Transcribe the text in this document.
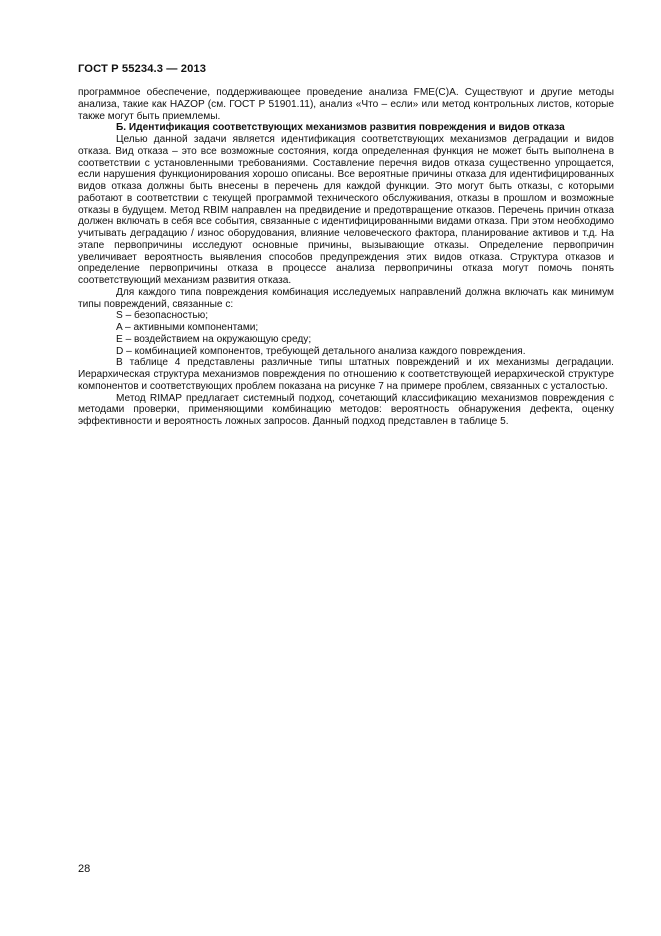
ГОСТ Р 55234.3 — 2013

программное обеспечение, поддерживающее проведение анализа FME(C)A. Существуют и другие методы анализа, такие как HAZOP (см. ГОСТ Р 51901.11), анализ «Что – если» или метод контрольных листов, которые также могут быть приемлемы.

Б. Идентификация соответствующих механизмов развития повреждения и видов отказа

Целью данной задачи является идентификация соответствующих механизмов деградации и видов отказа. Вид отказа – это все возможные состояния, когда определенная функция не может быть выполнена в соответствии с установленными требованиями. Составление перечня видов отказа существенно упрощается, если нарушения функционирования хорошо описаны. Все вероятные причины отказа для идентифицированных видов отказа должны быть внесены в перечень для каждой функции. Это могут быть отказы, с которыми работают в соответствии с текущей программой технического обслуживания, отказы в прошлом и возможные отказы в будущем. Метод RBIM направлен на предвидение и предотвращение отказов. Перечень причин отказа должен включать в себя все события, связанные с идентифицированными видами отказа. При этом необходимо учитывать деградацию / износ оборудования, влияние человеческого фактора, планирование активов и т.д. На этапе первопричины исследуют основные причины, вызывающие отказы. Определение первопричин увеличивает вероятность выявления способов предупреждения этих видов отказа. Структура отказов и определение первопричины отказа в процессе анализа первопричины отказа могут помочь понять соответствующий механизм развития отказа.

Для каждого типа повреждения комбинация исследуемых направлений должна включать как минимум типы повреждений, связанные с:

S – безопасностью;

A – активными компонентами;

E – воздействием на окружающую среду;

D – комбинацией компонентов, требующей детального анализа каждого повреждения.

В таблице 4 представлены различные типы штатных повреждений и их механизмы деградации. Иерархическая структура механизмов повреждения по отношению к соответствующей иерархической структуре компонентов и соответствующих проблем показана на рисунке 7 на примере проблем, связанных с усталостью.

Метод RIMAP предлагает системный подход, сочетающий классификацию механизмов повреждения с методами проверки, применяющими комбинацию методов: вероятность обнаружения дефекта, оценку эффективности и вероятность ложных запросов. Данный подход представлен в таблице 5.

28
